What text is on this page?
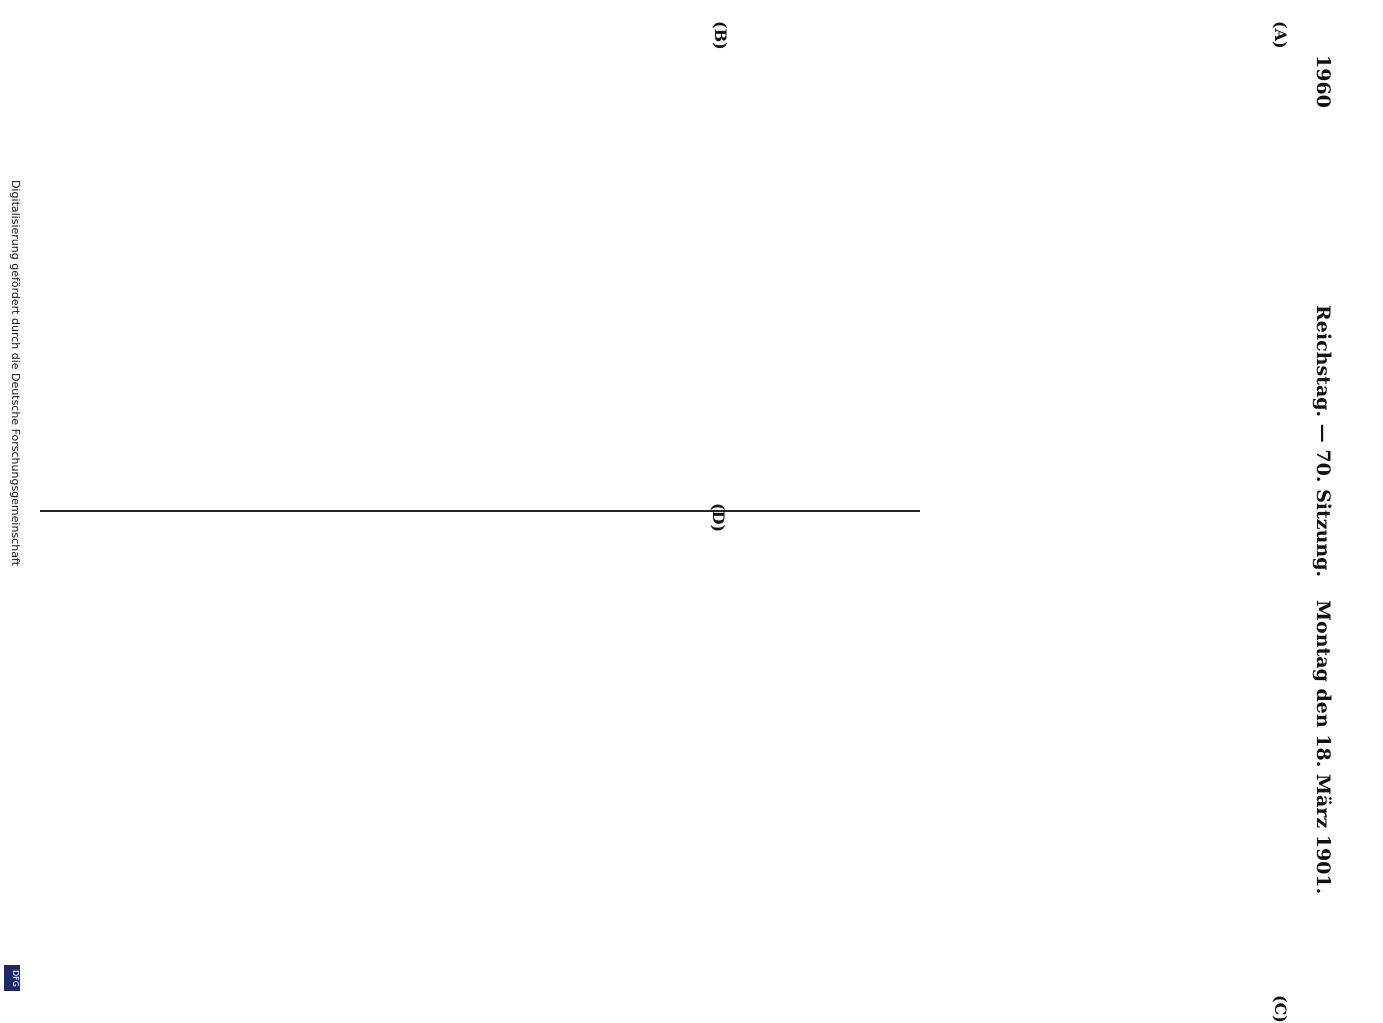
1960
Reichstag. — 70. Sitzung.
Montag den 18. März 1901.

(A)
(B)
(C)
(D)
Digitalisierung gefördert durch die Deutsche Forschungsgemeinschaft
DFG
